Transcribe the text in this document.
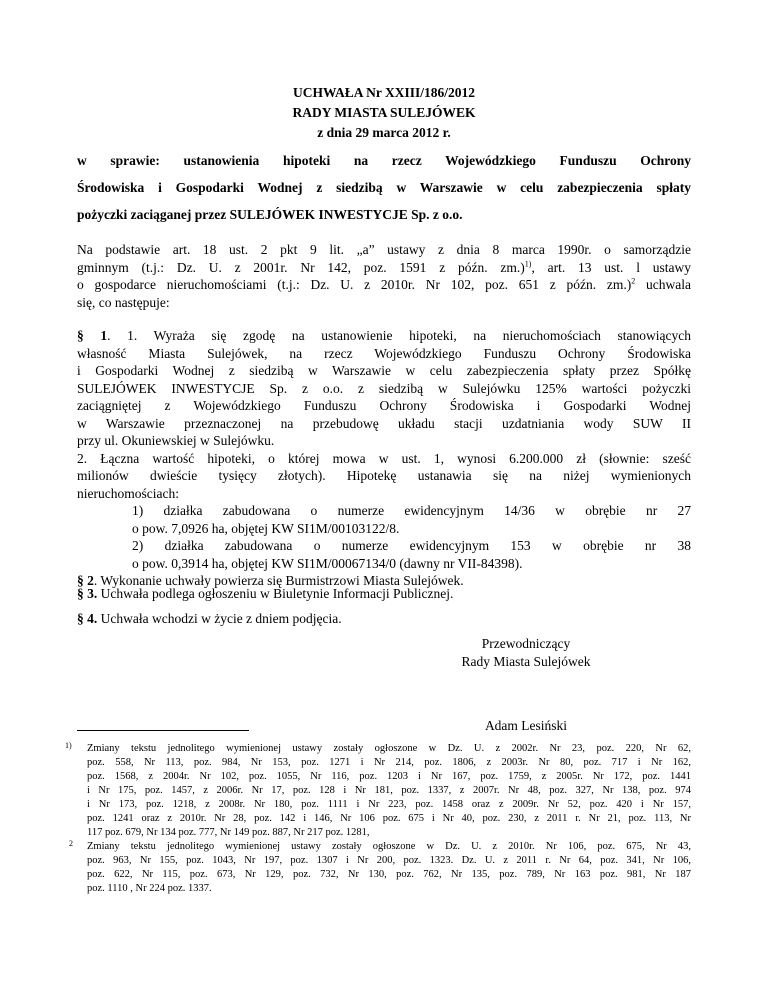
UCHWAŁA Nr XXIII/186/2012
RADY MIASTA SULEJÓWEK
z dnia 29 marca 2012 r.
w sprawie: ustanowienia hipoteki na rzecz Wojewódzkiego Funduszu Ochrony
Środowiska i Gospodarki Wodnej z siedzibą w Warszawie w celu zabezpieczenia spłaty
pożyczki zaciąganej przez SULEJÓWEK INWESTYCJE Sp. z o.o.
Na podstawie art. 18 ust. 2 pkt 9 lit. „a” ustawy z dnia 8 marca 1990r. o samorządzie
gminnym (t.j.: Dz. U. z 2001r. Nr 142, poz. 1591 z późn. zm.)$^{1)}$, art. 13 ust. l ustawy
o gospodarce nieruchomościami (t.j.: Dz. U. z 2010r. Nr 102, poz. 651 z późn. zm.)$^2$ uchwala
się, co następuje:
§ 1. 1. Wyraża się zgodę na ustanowienie hipoteki, na nieruchomościach stanowiących
własność Miasta Sulejówek, na rzecz Wojewódzkiego Funduszu Ochrony Środowiska
i Gospodarki Wodnej z siedzibą w Warszawie w celu zabezpieczenia spłaty przez Spółkę
SULEJÓWEK INWESTYCJE Sp. z o.o. z siedzibą w Sulejówku 125% wartości pożyczki
zaciągniętej z Wojewódzkiego Funduszu Ochrony Środowiska i Gospodarki Wodnej
w Warszawie przeznaczonej na przebudowę układu stacji uzdatniania wody SUW II
przy ul. Okuniewskiej w Sulejówku.
2. Łączna wartość hipoteki, o której mowa w ust. 1, wynosi 6.200.000 zł (słownie: sześć
milionów dwieście tysięcy złotych). Hipotekę ustanawia się na niżej wymienionych
nieruchomościach:
1) działka zabudowana o numerze ewidencyjnym 14/36 w obrębie nr 27
o pow. 7,0926 ha, objętej KW SI1M/00103122/8.
2) działka zabudowana o numerze ewidencyjnym 153 w obrębie nr 38
o pow. 0,3914 ha, objętej KW SI1M/00067134/0 (dawny nr VII-84398).
§ 2. Wykonanie uchwały powierza się Burmistrzowi Miasta Sulejówek.
§ 3. Uchwała podlega ogłoszeniu w Biuletynie Informacji Publicznej.
§ 4. Uchwała wchodzi w życie z dniem podjęcia.
Przewodniczący
Rady Miasta Sulejówek
Adam Lesiński
1)	Zmiany tekstu jednolitego wymienionej ustawy zostały ogłoszone w Dz. U. z 2002r. Nr 23, poz. 220, Nr 62,
poz. 558, Nr 113, poz. 984, Nr 153, poz. 1271 i Nr 214, poz. 1806, z 2003r. Nr 80, poz. 717 i Nr 162,
poz. 1568, z 2004r. Nr 102, poz. 1055, Nr 116, poz. 1203 i Nr 167, poz. 1759, z 2005r. Nr 172, poz. 1441
i Nr 175, poz. 1457, z 2006r. Nr 17, poz. 128 i Nr 181, poz. 1337, z 2007r. Nr 48, poz. 327, Nr 138, poz. 974
i Nr 173, poz. 1218, z 2008r. Nr 180, poz. 1111 i Nr 223, poz. 1458 oraz z 2009r. Nr 52, poz. 420 i Nr 157,
poz. 1241 oraz z 2010r. Nr 28, poz. 142 i 146, Nr 106 poz. 675 i Nr 40, poz. 230, z 2011 r. Nr 21, poz. 113, Nr
117 poz. 679, Nr 134 poz. 777, Nr 149 poz. 887, Nr 217 poz. 1281,
2	Zmiany tekstu jednolitego wymienionej ustawy zostały ogłoszone w Dz. U. z 2010r. Nr 106, poz. 675, Nr 43,
poz. 963, Nr 155, poz. 1043, Nr 197, poz. 1307 i Nr 200, poz. 1323. Dz. U. z 2011 r. Nr 64, poz. 341, Nr 106,
poz. 622, Nr 115, poz. 673, Nr 129, poz. 732, Nr 130, poz. 762, Nr 135, poz. 789, Nr 163 poz. 981, Nr 187
poz. 1110 , Nr 224 poz. 1337.
